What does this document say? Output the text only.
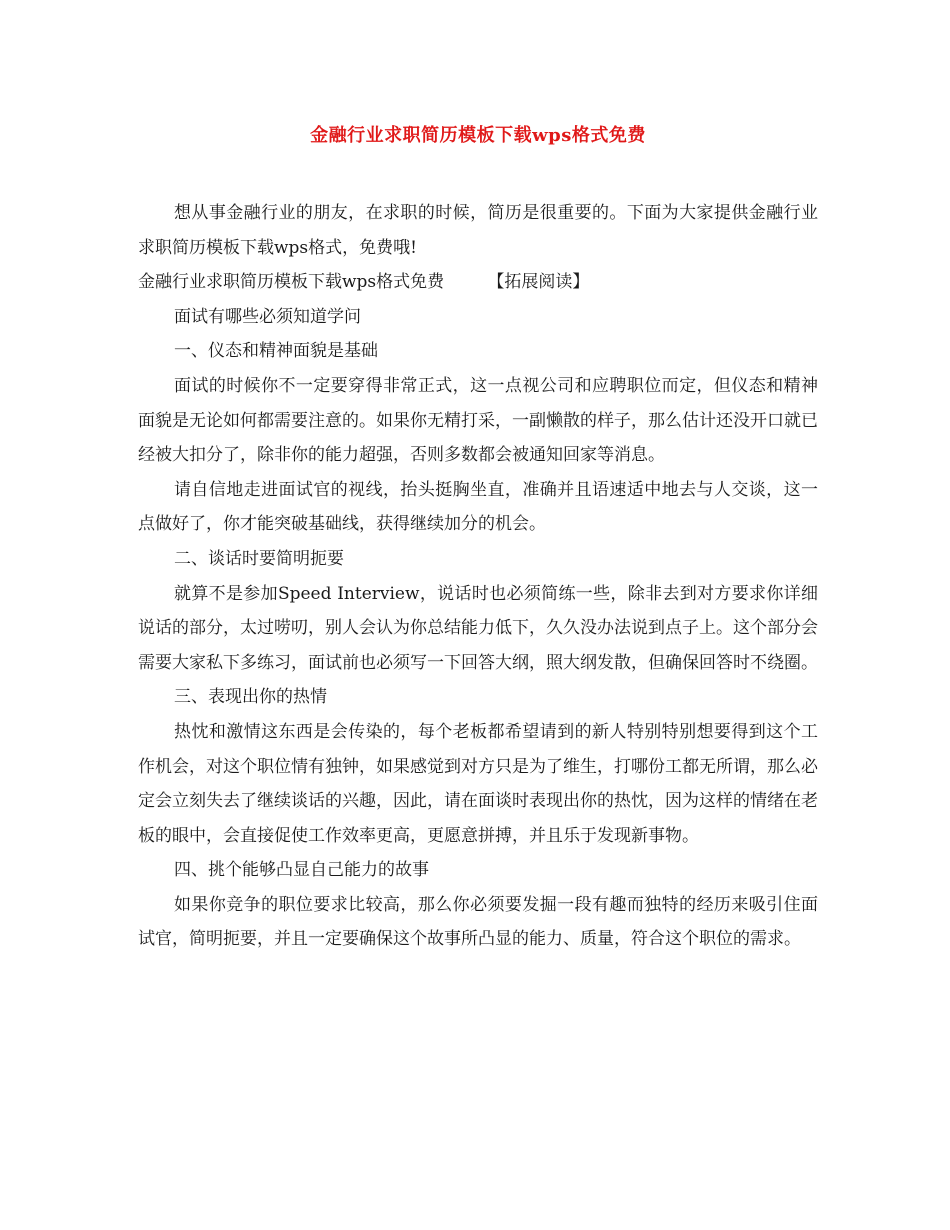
金融行业求职简历模板下载wps格式免费

想从事金融行业的朋友，在求职的时候，简历是很重要的。下面为大家提供金融行业求职简历模板下载wps格式，免费哦!

金融行业求职简历模板下载wps格式免费	【拓展阅读】

面试有哪些必须知道学问

一、仪态和精神面貌是基础

面试的时候你不一定要穿得非常正式，这一点视公司和应聘职位而定，但仪态和精神面貌是无论如何都需要注意的。如果你无精打采，一副懒散的样子，那么估计还没开口就已经被大扣分了，除非你的能力超强，否则多数都会被通知回家等消息。

请自信地走进面试官的视线，抬头挺胸坐直，准确并且语速适中地去与人交谈，这一点做好了，你才能突破基础线，获得继续加分的机会。

二、谈话时要简明扼要

就算不是参加Speed Interview，说话时也必须简练一些，除非去到对方要求你详细说话的部分，太过唠叨，别人会认为你总结能力低下，久久没办法说到点子上。这个部分会需要大家私下多练习，面试前也必须写一下回答大纲，照大纲发散，但确保回答时不绕圈。

三、表现出你的热情

热忱和激情这东西是会传染的，每个老板都希望请到的新人特别特别想要得到这个工作机会，对这个职位情有独钟，如果感觉到对方只是为了维生，打哪份工都无所谓，那么必定会立刻失去了继续谈话的兴趣，因此，请在面谈时表现出你的热忱，因为这样的情绪在老板的眼中，会直接促使工作效率更高，更愿意拼搏，并且乐于发现新事物。

四、挑个能够凸显自己能力的故事

如果你竞争的职位要求比较高，那么你必须要发掘一段有趣而独特的经历来吸引住面试官，简明扼要，并且一定要确保这个故事所凸显的能力、质量，符合这个职位的需求。
